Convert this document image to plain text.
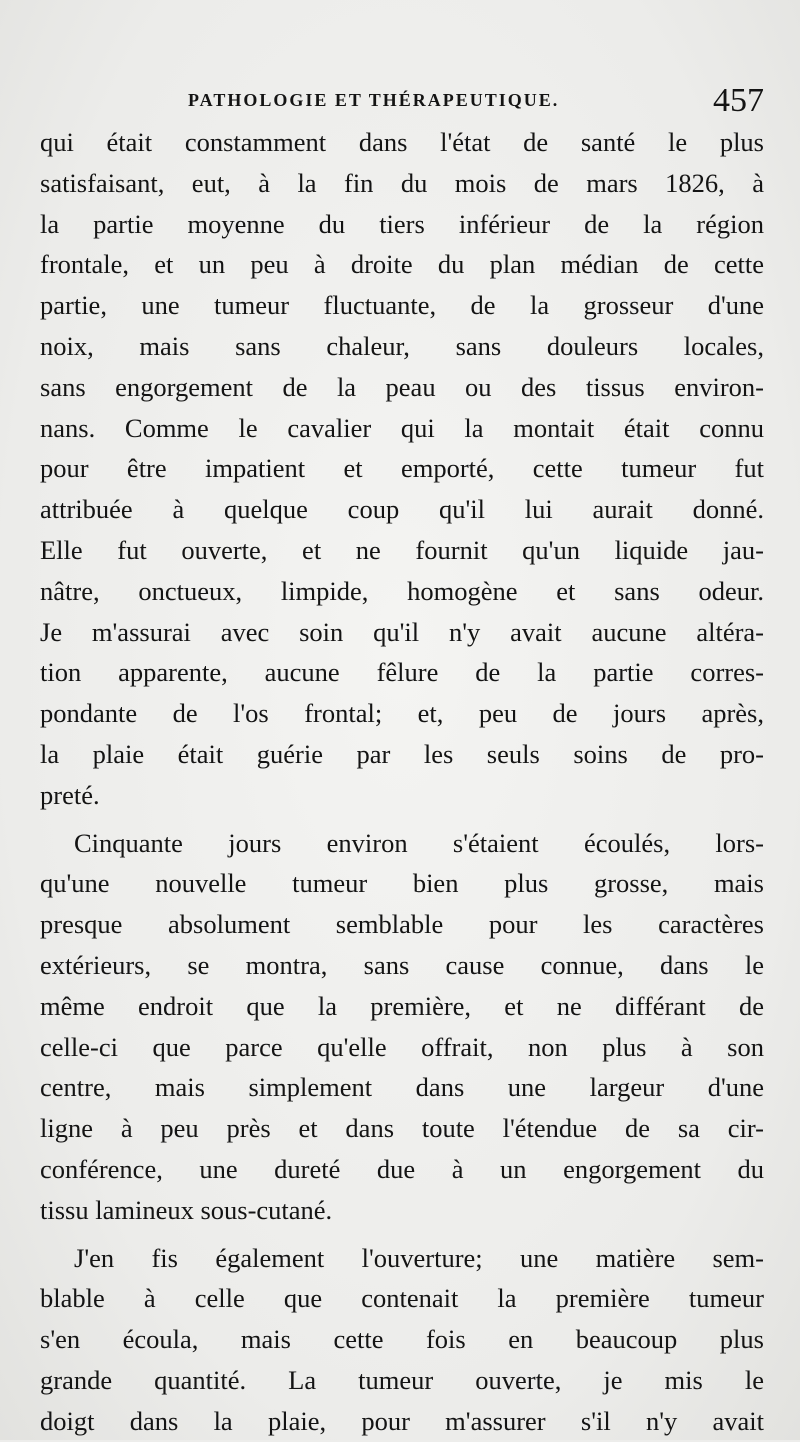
PATHOLOGIE ET THÉRAPEUTIQUE.	457
qui était constamment dans l'état de santé le plus
satisfaisant, eut, à la fin du mois de mars 1826, à
la partie moyenne du tiers inférieur de la région
frontale, et un peu à droite du plan médian de cette
partie, une tumeur fluctuante, de la grosseur d'une
noix, mais sans chaleur, sans douleurs locales,
sans engorgement de la peau ou des tissus environ-
nans. Comme le cavalier qui la montait était connu
pour être impatient et emporté, cette tumeur fut
attribuée à quelque coup qu'il lui aurait donné.
Elle fut ouverte, et ne fournit qu'un liquide jau-
nâtre, onctueux, limpide, homogène et sans odeur.
Je m'assurai avec soin qu'il n'y avait aucune altéra-
tion apparente, aucune fêlure de la partie corres-
pondante de l'os frontal; et, peu de jours après,
la plaie était guérie par les seuls soins de pro-
preté.
Cinquante jours environ s'étaient écoulés, lors-
qu'une nouvelle tumeur bien plus grosse, mais
presque absolument semblable pour les caractères
extérieurs, se montra, sans cause connue, dans le
même endroit que la première, et ne différant de
celle-ci que parce qu'elle offrait, non plus à son
centre, mais simplement dans une largeur d'une
ligne à peu près et dans toute l'étendue de sa cir-
conférence, une dureté due à un engorgement du
tissu lamineux sous-cutané.
J'en fis également l'ouverture; une matière sem-
blable à celle que contenait la première tumeur
s'en écoula, mais cette fois en beaucoup plus
grande quantité. La tumeur ouverte, je mis le
doigt dans la plaie, pour m'assurer s'il n'y avait
